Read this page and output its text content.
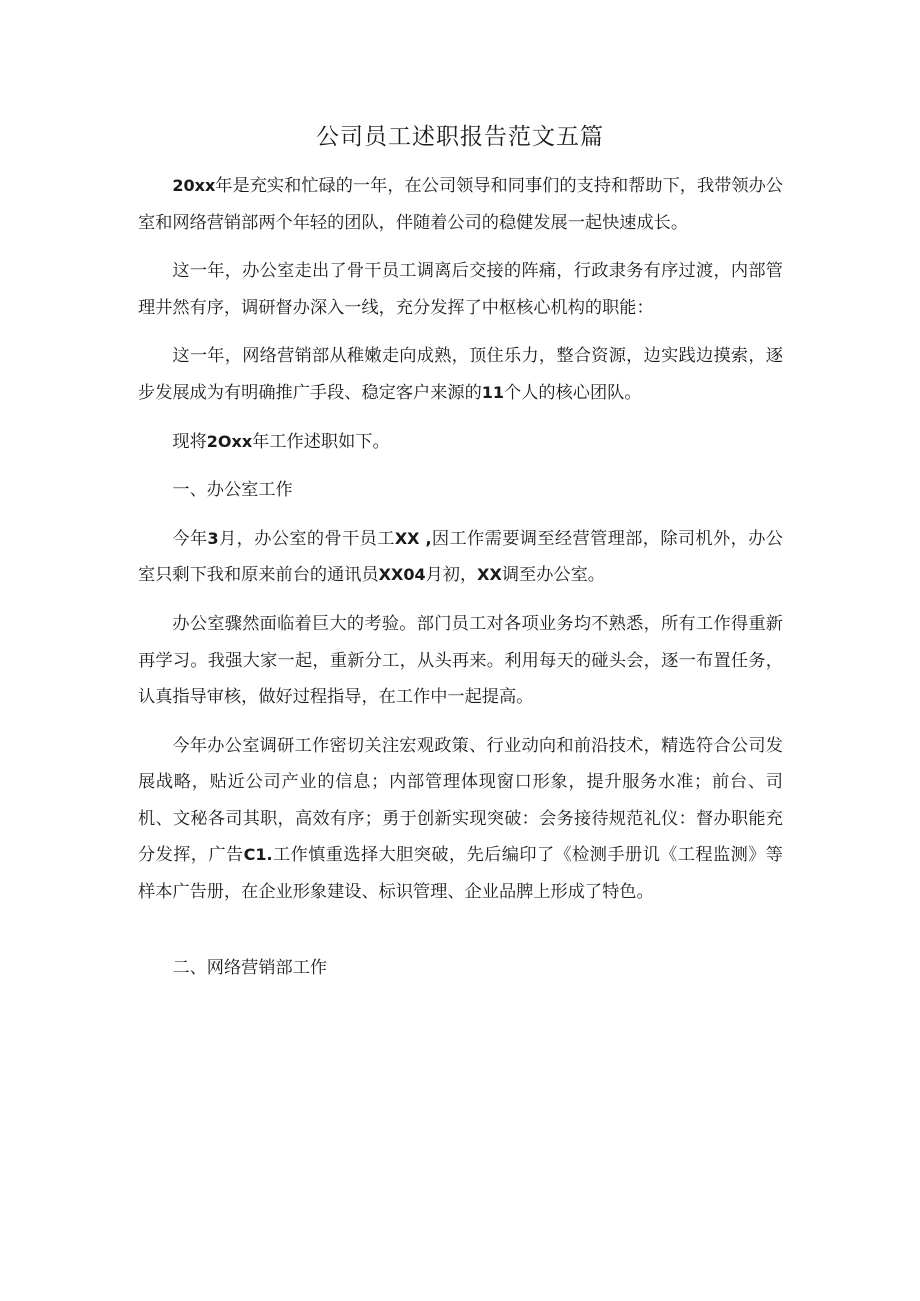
公司员工述职报告范文五篇

20xx年是充实和忙碌的一年，在公司领导和同事们的支持和帮助下，我带领办公室和网络营销部两个年轻的团队，伴随着公司的稳健发展一起快速成长。

这一年，办公室走出了骨干员工调离后交接的阵痛，行政隶务有序过渡，内部管理井然有序，调研督办深入一线，充分发挥了中枢核心机构的职能：

这一年，网络营销部从稚嫩走向成熟，顶住乐力，整合资源，边实践边摸索，逐步发展成为有明确推广手段、稳定客户来源的11个人的核心团队。

现将2Oxx年工作述职如下。

一、办公室工作

今年3月，办公室的骨干员工XX ,因工作需要调至经营管理部，除司机外，办公室只剩下我和原来前台的通讯员XX04月初，XX调至办公室。

办公室骤然面临着巨大的考验。部门员工对各项业务均不熟悉，所有工作得重新再学习。我强大家一起，重新分工，从头再来。利用每天的碰头会，逐一布置任务，认真指导审核，做好过程指导，在工作中一起提高。

今年办公室调研工作密切关注宏观政策、行业动向和前沿技术，精选符合公司发展战略，贴近公司产业的信息；内部管理体现窗口形象，提升服务水准；前台、司机、文秘各司其职，高效有序；勇于创新实现突破：会务接待规范礼仪：督办职能充分发挥，广告C1.工作慎重选择大胆突破，先后编印了《检测手册讥《工程监测》等样本广告册，在企业形象建设、标识管理、企业品脾上形成了特色。

二、网络营销部工作
